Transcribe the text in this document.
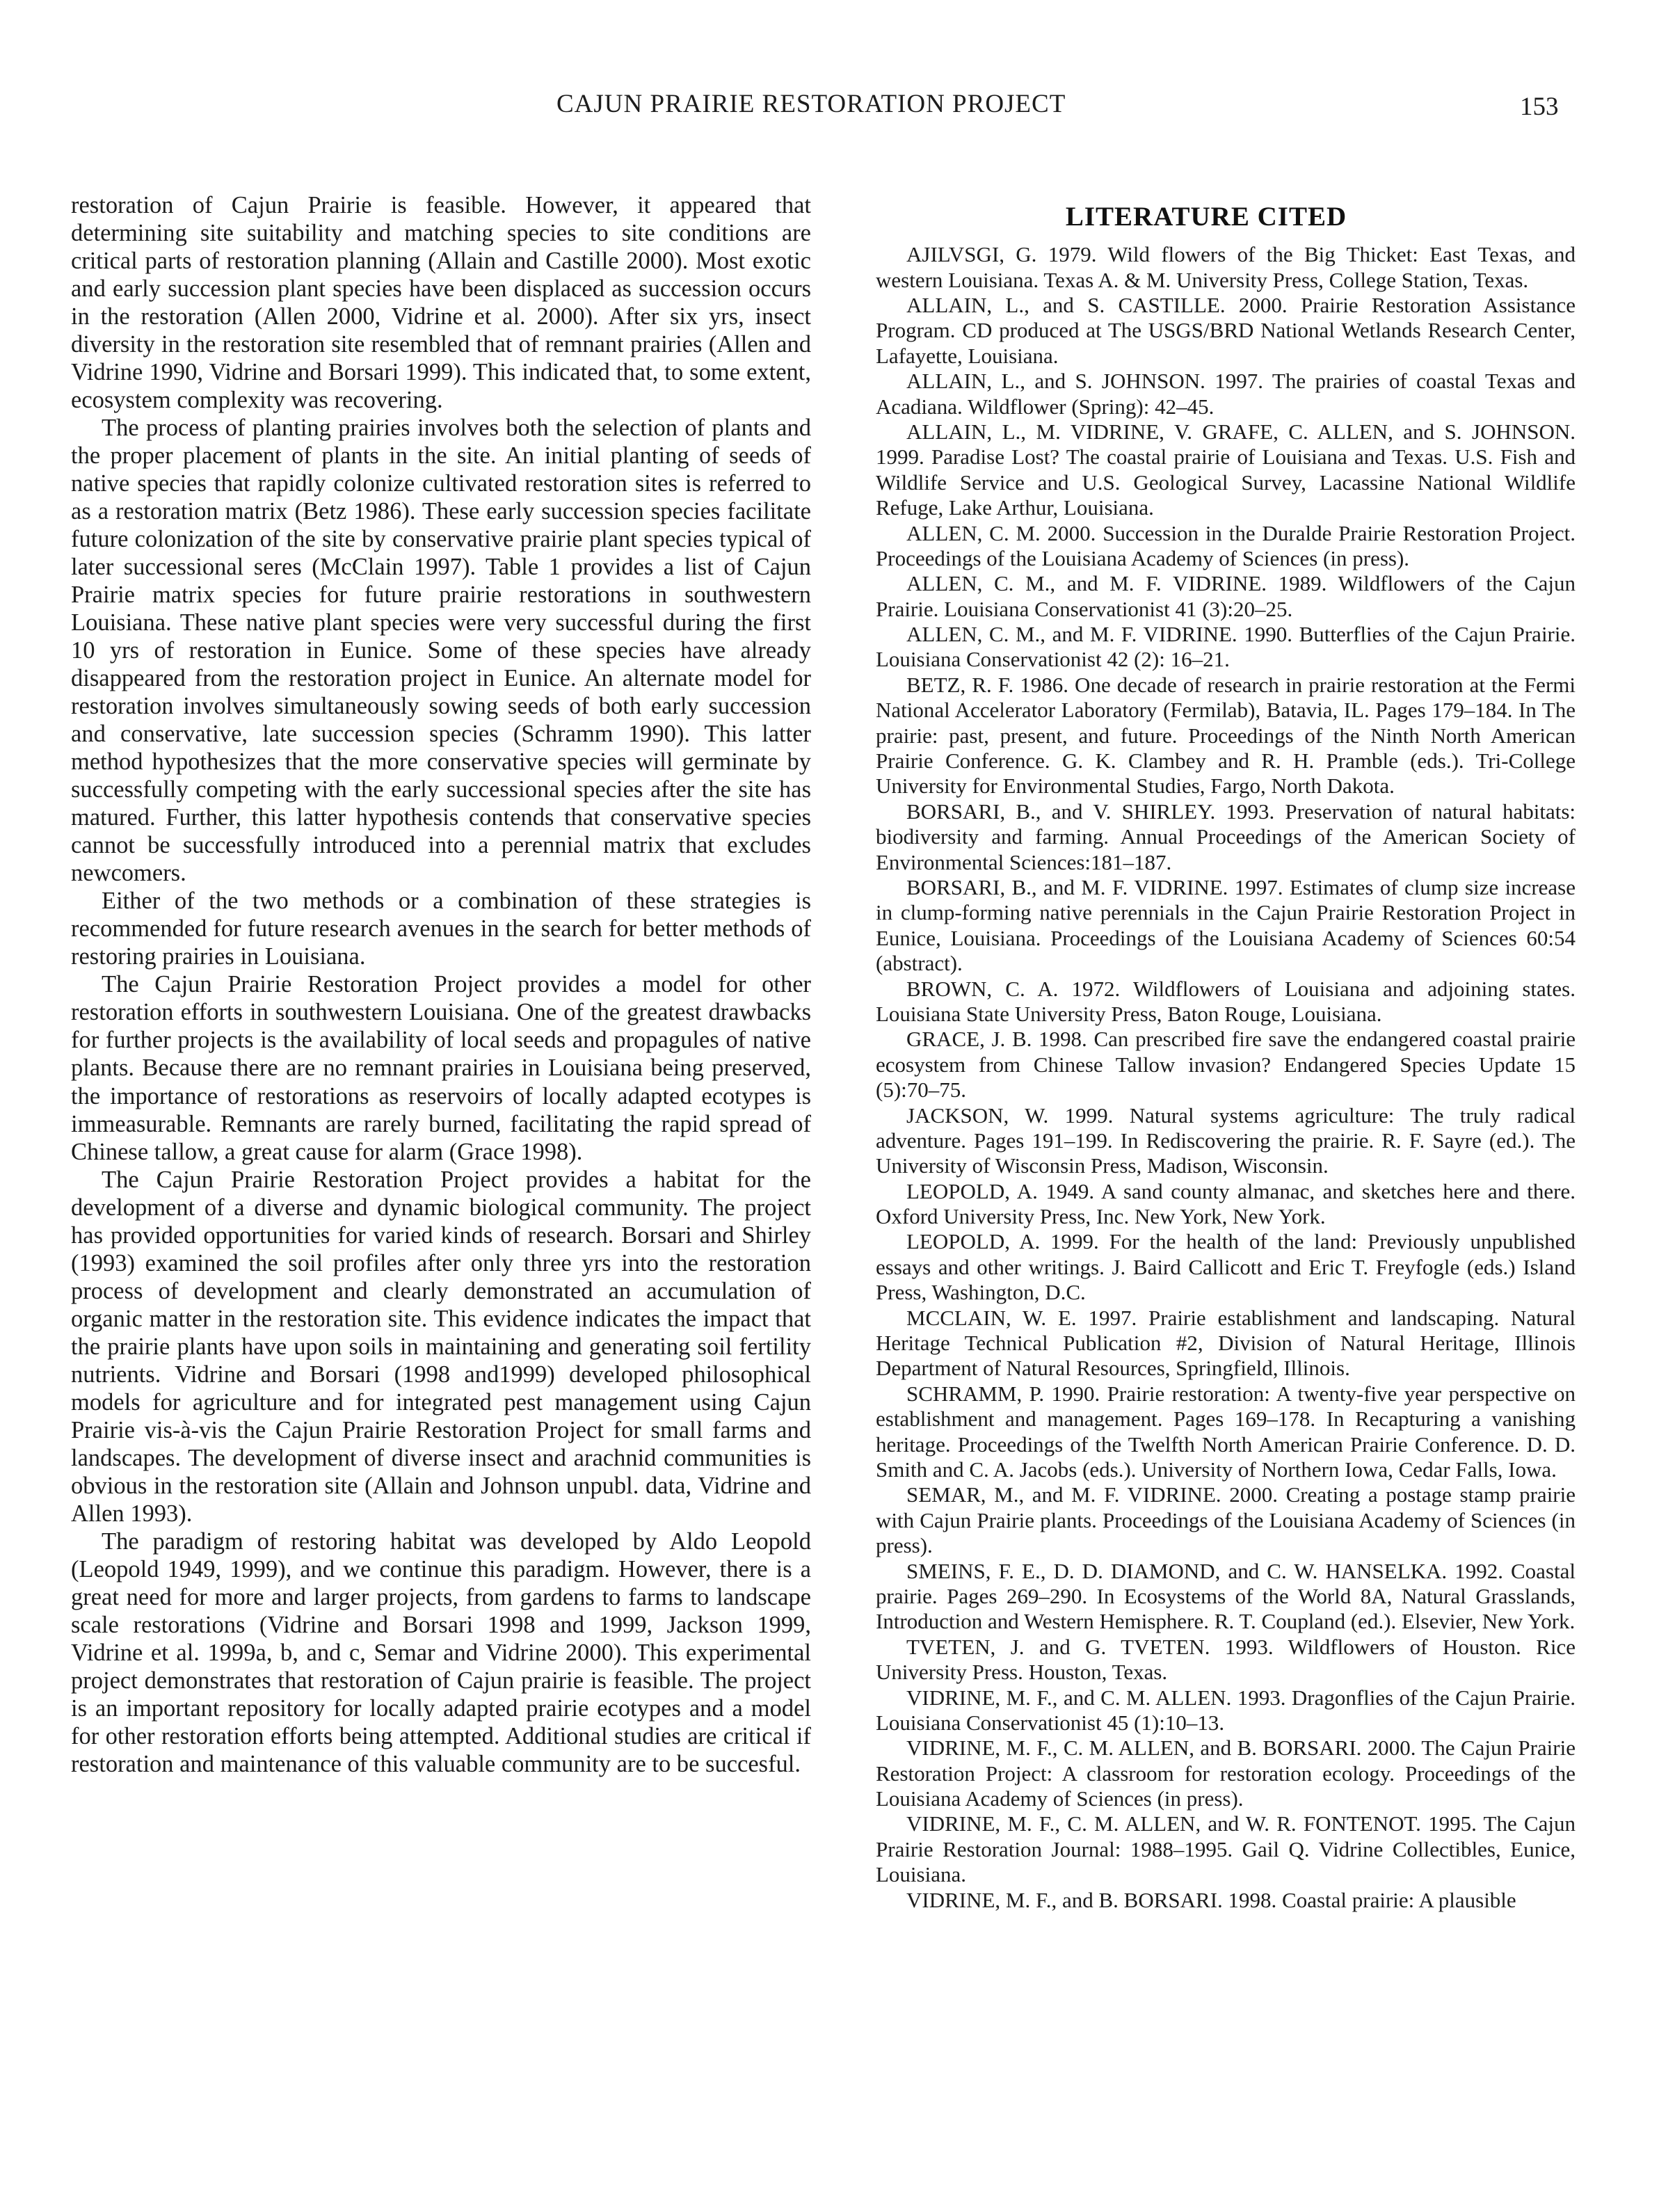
CAJUN PRAIRIE RESTORATION PROJECT	153

restoration of Cajun Prairie is feasible. However, it appeared that determining site suitability and matching species to site conditions are critical parts of restoration planning (Allain and Castille 2000). Most exotic and early succession plant species have been displaced as succession occurs in the restoration (Allen 2000, Vidrine et al. 2000). After six yrs, insect diversity in the restoration site resembled that of remnant prairies (Allen and Vidrine 1990, Vidrine and Borsari 1999). This indicated that, to some extent, ecosystem complexity was recovering.

The process of planting prairies involves both the selection of plants and the proper placement of plants in the site. An initial planting of seeds of native species that rapidly colonize cultivated restoration sites is referred to as a restoration matrix (Betz 1986). These early succession species facilitate future colonization of the site by conservative prairie plant species typical of later successional seres (McClain 1997). Table 1 provides a list of Cajun Prairie matrix species for future prairie restorations in southwestern Louisiana. These native plant species were very successful during the first 10 yrs of restoration in Eunice. Some of these species have already disappeared from the restoration project in Eunice. An alternate model for restoration involves simultaneously sowing seeds of both early succession and conservative, late succession species (Schramm 1990). This latter method hypothesizes that the more conservative species will germinate by successfully competing with the early successional species after the site has matured. Further, this latter hypothesis contends that conservative species cannot be successfully introduced into a perennial matrix that excludes newcomers.

Either of the two methods or a combination of these strategies is recommended for future research avenues in the search for better methods of restoring prairies in Louisiana.

The Cajun Prairie Restoration Project provides a model for other restoration efforts in southwestern Louisiana. One of the greatest drawbacks for further projects is the availability of local seeds and propagules of native plants. Because there are no remnant prairies in Louisiana being preserved, the importance of restorations as reservoirs of locally adapted ecotypes is immeasurable. Remnants are rarely burned, facilitating the rapid spread of Chinese tallow, a great cause for alarm (Grace 1998).

The Cajun Prairie Restoration Project provides a habitat for the development of a diverse and dynamic biological community. The project has provided opportunities for varied kinds of research. Borsari and Shirley (1993) examined the soil profiles after only three yrs into the restoration process of development and clearly demonstrated an accumulation of organic matter in the restoration site. This evidence indicates the impact that the prairie plants have upon soils in maintaining and generating soil fertility nutrients. Vidrine and Borsari (1998 and1999) developed philosophical models for agriculture and for integrated pest management using Cajun Prairie vis-à-vis the Cajun Prairie Restoration Project for small farms and landscapes. The development of diverse insect and arachnid communities is obvious in the restoration site (Allain and Johnson unpubl. data, Vidrine and Allen 1993).

The paradigm of restoring habitat was developed by Aldo Leopold (Leopold 1949, 1999), and we continue this paradigm. However, there is a great need for more and larger projects, from gardens to farms to landscape scale restorations (Vidrine and Borsari 1998 and 1999, Jackson 1999, Vidrine et al. 1999a, b, and c, Semar and Vidrine 2000). This experimental project demonstrates that restoration of Cajun prairie is feasible. The project is an important repository for locally adapted prairie ecotypes and a model for other restoration efforts being attempted. Additional studies are critical if restoration and maintenance of this valuable community are to be succesful.

LITERATURE CITED

AJILVSGI, G. 1979. Wild flowers of the Big Thicket: East Texas, and western Louisiana. Texas A. & M. University Press, College Station, Texas.

ALLAIN, L., and S. CASTILLE. 2000. Prairie Restoration Assistance Program. CD produced at The USGS/BRD National Wetlands Research Center, Lafayette, Louisiana.

ALLAIN, L., and S. JOHNSON. 1997. The prairies of coastal Texas and Acadiana. Wildflower (Spring): 42–45.

ALLAIN, L., M. VIDRINE, V. GRAFE, C. ALLEN, and S. JOHNSON. 1999. Paradise Lost? The coastal prairie of Louisiana and Texas. U.S. Fish and Wildlife Service and U.S. Geological Survey, Lacassine National Wildlife Refuge, Lake Arthur, Louisiana.

ALLEN, C. M. 2000. Succession in the Duralde Prairie Restoration Project. Proceedings of the Louisiana Academy of Sciences (in press).

ALLEN, C. M., and M. F. VIDRINE. 1989. Wildflowers of the Cajun Prairie. Louisiana Conservationist 41 (3):20–25.

ALLEN, C. M., and M. F. VIDRINE. 1990. Butterflies of the Cajun Prairie. Louisiana Conservationist 42 (2): 16–21.

BETZ, R. F. 1986. One decade of research in prairie restoration at the Fermi National Accelerator Laboratory (Fermilab), Batavia, IL. Pages 179–184. In The prairie: past, present, and future. Proceedings of the Ninth North American Prairie Conference. G. K. Clambey and R. H. Pramble (eds.). Tri-College University for Environmental Studies, Fargo, North Dakota.

BORSARI, B., and V. SHIRLEY. 1993. Preservation of natural habitats: biodiversity and farming. Annual Proceedings of the American Society of Environmental Sciences:181–187.

BORSARI, B., and M. F. VIDRINE. 1997. Estimates of clump size increase in clump-forming native perennials in the Cajun Prairie Restoration Project in Eunice, Louisiana. Proceedings of the Louisiana Academy of Sciences 60:54 (abstract).

BROWN, C. A. 1972. Wildflowers of Louisiana and adjoining states. Louisiana State University Press, Baton Rouge, Louisiana.

GRACE, J. B. 1998. Can prescribed fire save the endangered coastal prairie ecosystem from Chinese Tallow invasion? Endangered Species Update 15 (5):70–75.

JACKSON, W. 1999. Natural systems agriculture: The truly radical adventure. Pages 191–199. In Rediscovering the prairie. R. F. Sayre (ed.). The University of Wisconsin Press, Madison, Wisconsin.

LEOPOLD, A. 1949. A sand county almanac, and sketches here and there. Oxford University Press, Inc. New York, New York.

LEOPOLD, A. 1999. For the health of the land: Previously unpublished essays and other writings. J. Baird Callicott and Eric T. Freyfogle (eds.) Island Press, Washington, D.C.

MCCLAIN, W. E. 1997. Prairie establishment and landscaping. Natural Heritage Technical Publication #2, Division of Natural Heritage, Illinois Department of Natural Resources, Springfield, Illinois.

SCHRAMM, P. 1990. Prairie restoration: A twenty-five year perspective on establishment and management. Pages 169–178. In Recapturing a vanishing heritage. Proceedings of the Twelfth North American Prairie Conference. D. D. Smith and C. A. Jacobs (eds.). University of Northern Iowa, Cedar Falls, Iowa.

SEMAR, M., and M. F. VIDRINE. 2000. Creating a postage stamp prairie with Cajun Prairie plants. Proceedings of the Louisiana Academy of Sciences (in press).

SMEINS, F. E., D. D. DIAMOND, and C. W. HANSELKA. 1992. Coastal prairie. Pages 269–290. In Ecosystems of the World 8A, Natural Grasslands, Introduction and Western Hemisphere. R. T. Coupland (ed.). Elsevier, New York.

TVETEN, J. and G. TVETEN. 1993. Wildflowers of Houston. Rice University Press. Houston, Texas.

VIDRINE, M. F., and C. M. ALLEN. 1993. Dragonflies of the Cajun Prairie. Louisiana Conservationist 45 (1):10–13.

VIDRINE, M. F., C. M. ALLEN, and B. BORSARI. 2000. The Cajun Prairie Restoration Project: A classroom for restoration ecology. Proceedings of the Louisiana Academy of Sciences (in press).

VIDRINE, M. F., C. M. ALLEN, and W. R. FONTENOT. 1995. The Cajun Prairie Restoration Journal: 1988–1995. Gail Q. Vidrine Collectibles, Eunice, Louisiana.

VIDRINE, M. F., and B. BORSARI. 1998. Coastal prairie: A plausible
